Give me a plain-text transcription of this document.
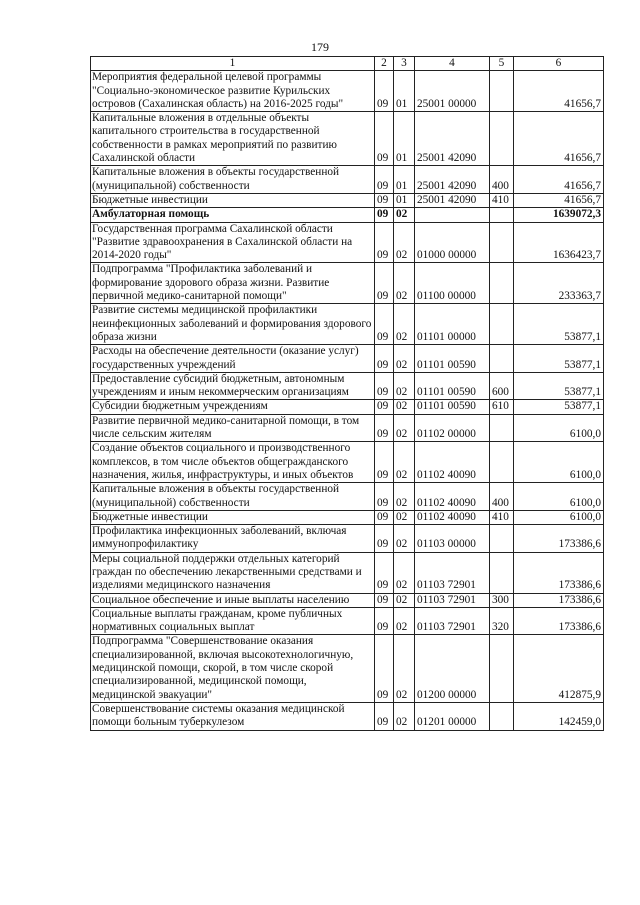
179
1	2	3	4	5	6
Мероприятия федеральной целевой программы "Социально-экономическое развитие Курильских островов (Сахалинская область) на 2016-2025 годы"	09	01	25001 00000		41656,7
Капитальные вложения в отдельные объекты капитального строительства в государственной собственности в рамках мероприятий по развитию Сахалинской области	09	01	25001 42090		41656,7
Капитальные вложения в объекты государственной (муниципальной) собственности	09	01	25001 42090	400	41656,7
Бюджетные инвестиции	09	01	25001 42090	410	41656,7
Амбулаторная помощь	09	02			1639072,3
Государственная программа Сахалинской области "Развитие здравоохранения в Сахалинской области на 2014-2020 годы"	09	02	01000 00000		1636423,7
Подпрограмма "Профилактика заболеваний и формирование здорового образа жизни. Развитие первичной медико-санитарной помощи"	09	02	01100 00000		233363,7
Развитие системы медицинской профилактики неинфекционных заболеваний и формирования здорового образа жизни	09	02	01101 00000		53877,1
Расходы на обеспечение деятельности (оказание услуг) государственных учреждений	09	02	01101 00590		53877,1
Предоставление субсидий бюджетным, автономным учреждениям и иным некоммерческим организациям	09	02	01101 00590	600	53877,1
Субсидии бюджетным учреждениям	09	02	01101 00590	610	53877,1
Развитие первичной медико-санитарной помощи, в том числе сельским жителям	09	02	01102 00000		6100,0
Создание объектов социального и производственного комплексов, в том числе объектов общегражданского назначения, жилья, инфраструктуры, и иных объектов	09	02	01102 40090		6100,0
Капитальные вложения в объекты государственной (муниципальной) собственности	09	02	01102 40090	400	6100,0
Бюджетные инвестиции	09	02	01102 40090	410	6100,0
Профилактика инфекционных заболеваний, включая иммунопрофилактику	09	02	01103 00000		173386,6
Меры социальной поддержки отдельных категорий граждан по обеспечению лекарственными средствами и изделиями медицинского назначения	09	02	01103 72901		173386,6
Социальное обеспечение и иные выплаты населению	09	02	01103 72901	300	173386,6
Социальные выплаты гражданам, кроме публичных нормативных социальных выплат	09	02	01103 72901	320	173386,6
Подпрограмма "Совершенствование оказания специализированной, включая высокотехнологичную, медицинской помощи, скорой, в том числе скорой специализированной, медицинской помощи, медицинской эвакуации"	09	02	01200 00000		412875,9
Совершенствование системы оказания медицинской помощи больным туберкулезом	09	02	01201 00000		142459,0
